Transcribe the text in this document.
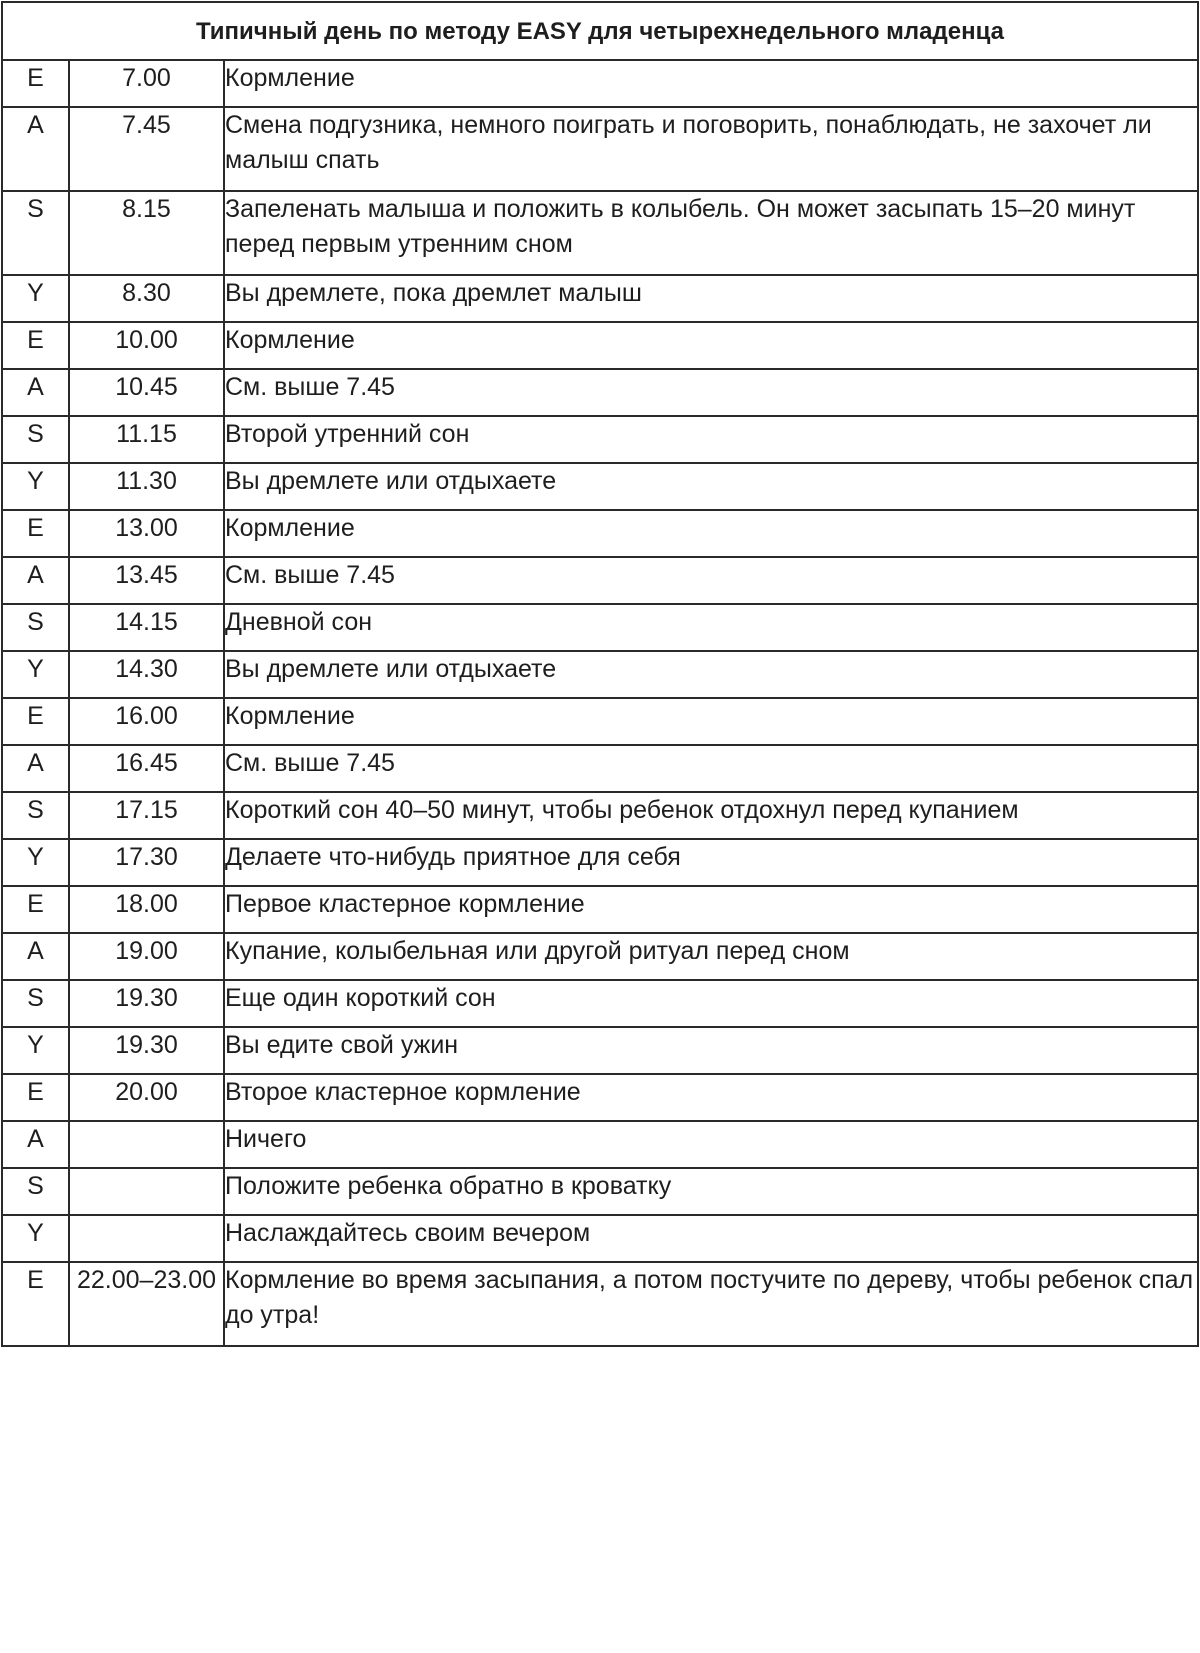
Типичный день по методу EASY для четырехнедельного младенца		
E	7.00	Кормление
A	7.45	Смена подгузника, немного поиграть и поговорить, понаблюдать, не захочет ли малыш спать
S	8.15	Запеленать малыша и положить в колыбель. Он может засыпать 15–20 минут перед первым утренним сном
Y	8.30	Вы дремлете, пока дремлет малыш
E	10.00	Кормление
A	10.45	См. выше 7.45
S	11.15	Второй утренний сон
Y	11.30	Вы дремлете или отдыхаете
E	13.00	Кормление
A	13.45	См. выше 7.45
S	14.15	Дневной сон
Y	14.30	Вы дремлете или отдыхаете
E	16.00	Кормление
A	16.45	См. выше 7.45
S	17.15	Короткий сон 40–50 минут, чтобы ребенок отдохнул перед купанием
Y	17.30	Делаете что-нибудь приятное для себя
E	18.00	Первое кластерное кормление
A	19.00	Купание, колыбельная или другой ритуал перед сном
S	19.30	Еще один короткий сон
Y	19.30	Вы едите свой ужин
E	20.00	Второе кластерное кормление
A		Ничего
S		Положите ребенка обратно в кроватку
Y		Наслаждайтесь своим вечером
E	22.00–23.00	Кормление во время засыпания, а потом постучите по дереву, чтобы ребенок спал до утра!
